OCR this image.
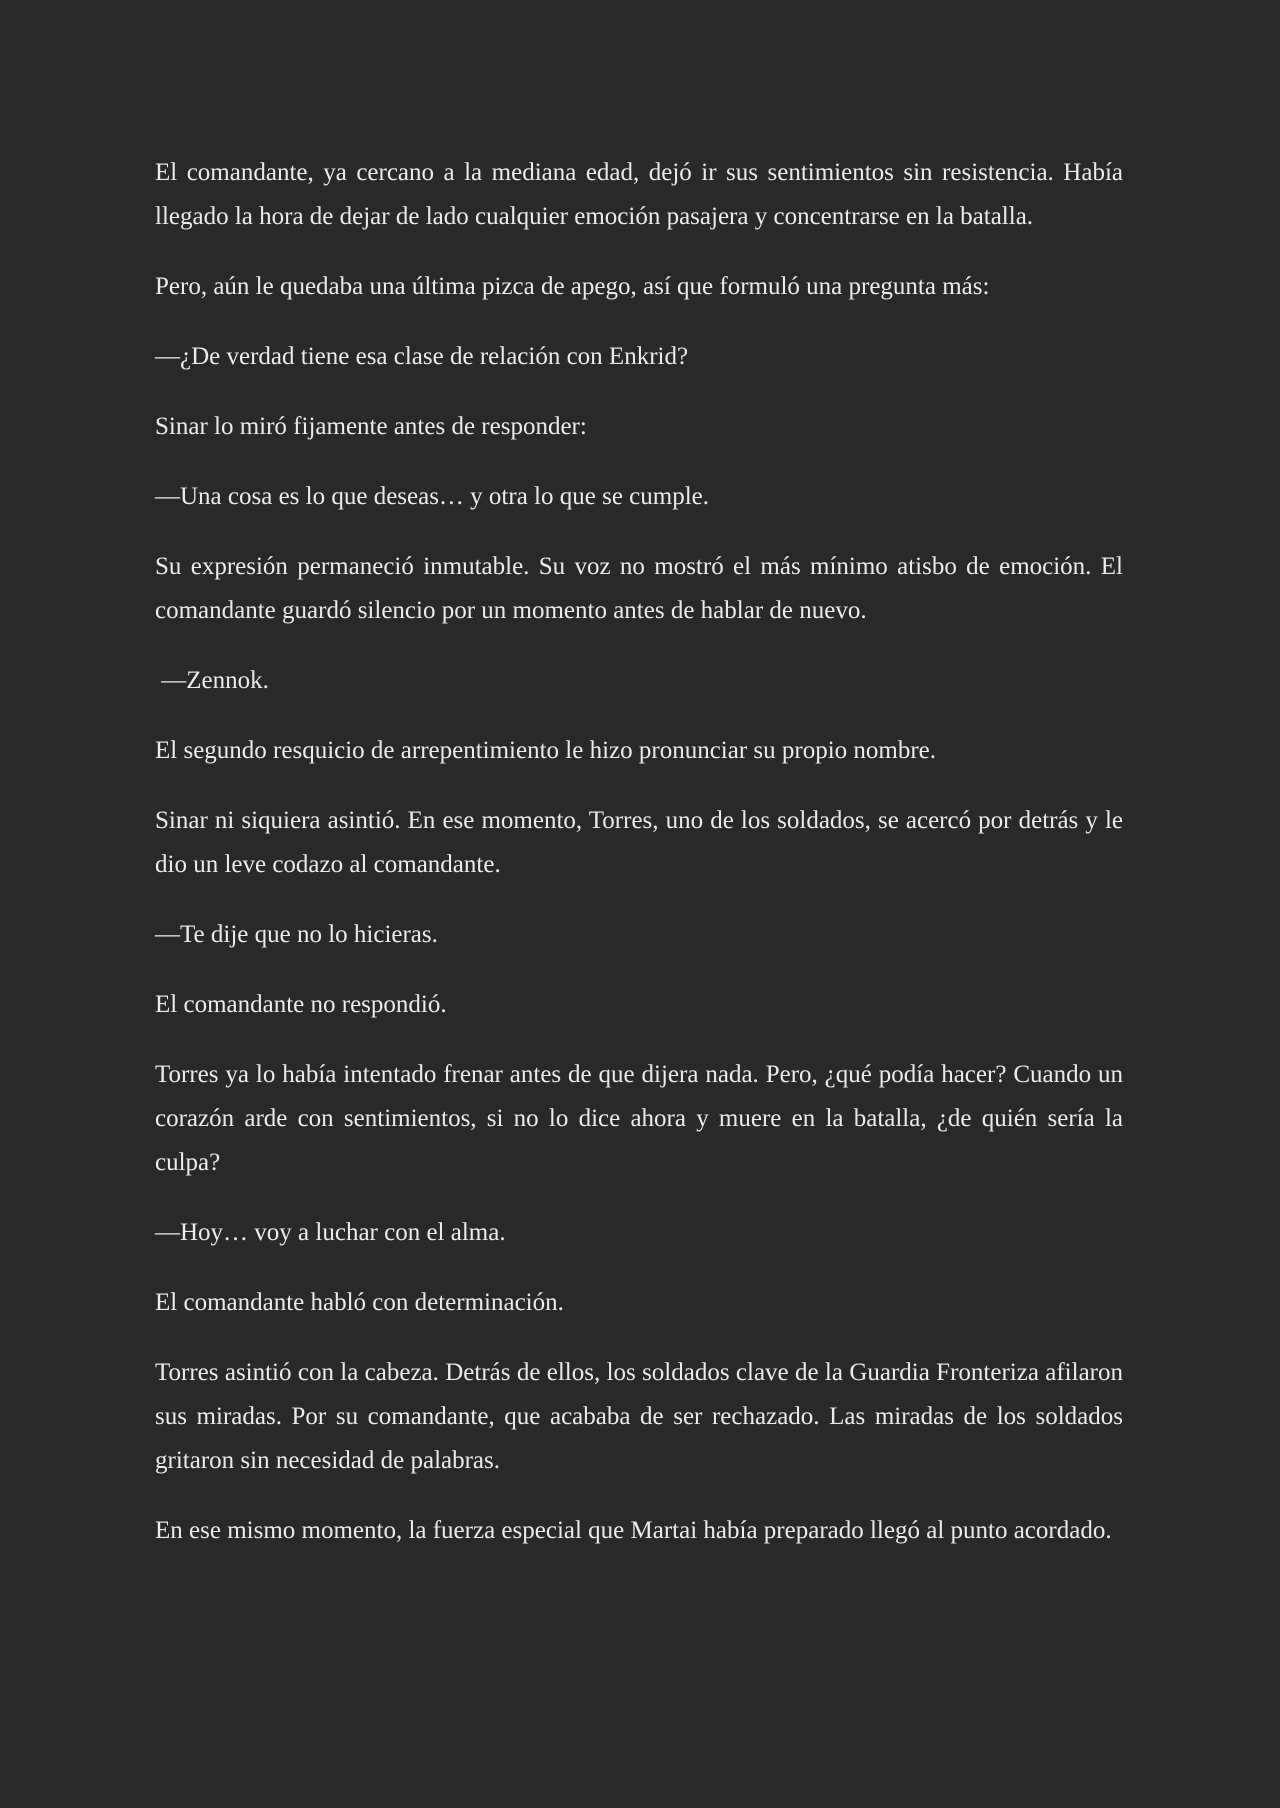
El comandante, ya cercano a la mediana edad, dejó ir sus sentimientos sin resistencia. Había llegado la hora de dejar de lado cualquier emoción pasajera y concentrarse en la batalla.

Pero, aún le quedaba una última pizca de apego, así que formuló una pregunta más:

—¿De verdad tiene esa clase de relación con Enkrid?

Sinar lo miró fijamente antes de responder:

—Una cosa es lo que deseas… y otra lo que se cumple.

Su expresión permaneció inmutable. Su voz no mostró el más mínimo atisbo de emoción. El comandante guardó silencio por un momento antes de hablar de nuevo.

—Zennok.

El segundo resquicio de arrepentimiento le hizo pronunciar su propio nombre.

Sinar ni siquiera asintió. En ese momento, Torres, uno de los soldados, se acercó por detrás y le dio un leve codazo al comandante.

—Te dije que no lo hicieras.

El comandante no respondió.

Torres ya lo había intentado frenar antes de que dijera nada. Pero, ¿qué podía hacer? Cuando un corazón arde con sentimientos, si no lo dice ahora y muere en la batalla, ¿de quién sería la culpa?

—Hoy… voy a luchar con el alma.

El comandante habló con determinación.

Torres asintió con la cabeza. Detrás de ellos, los soldados clave de la Guardia Fronteriza afilaron sus miradas. Por su comandante, que acababa de ser rechazado. Las miradas de los soldados gritaron sin necesidad de palabras.

En ese mismo momento, la fuerza especial que Martai había preparado llegó al punto acordado.
